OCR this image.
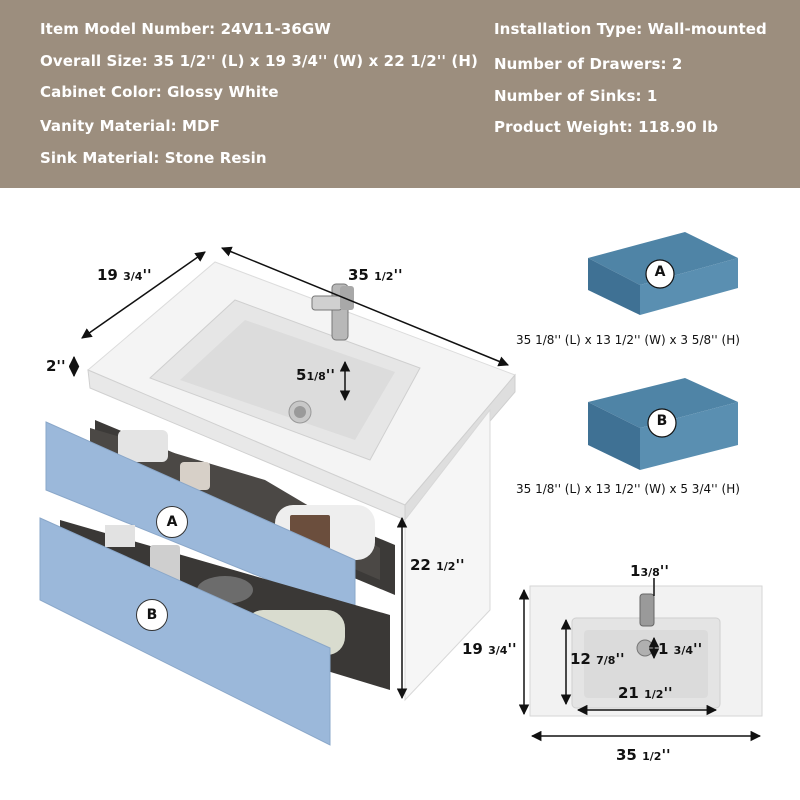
Item Model Number: 24V11-36GW
Overall Size: 35 1/2'' (L) x 19 3/4'' (W) x 22 1/2'' (H)
Cabinet Color: Glossy White
Vanity Material: MDF
Sink Material: Stone Resin
Installation Type: Wall-mounted
Number of Drawers: 2
Number of Sinks: 1
Product Weight: 118.90 lb
A
B
A
B
35 1/8'' (L) x 13 1/2'' (W) x 3 5/8'' (H)
35 1/8'' (L) x 13 1/2'' (W) x 5 3/4'' (H)
19 3/4''	35 1/2''
2''	51/8''
22 1/2''	13/8''
19 3/4''
12 7/8''
1 3/4''
21 1/2''
35 1/2''
